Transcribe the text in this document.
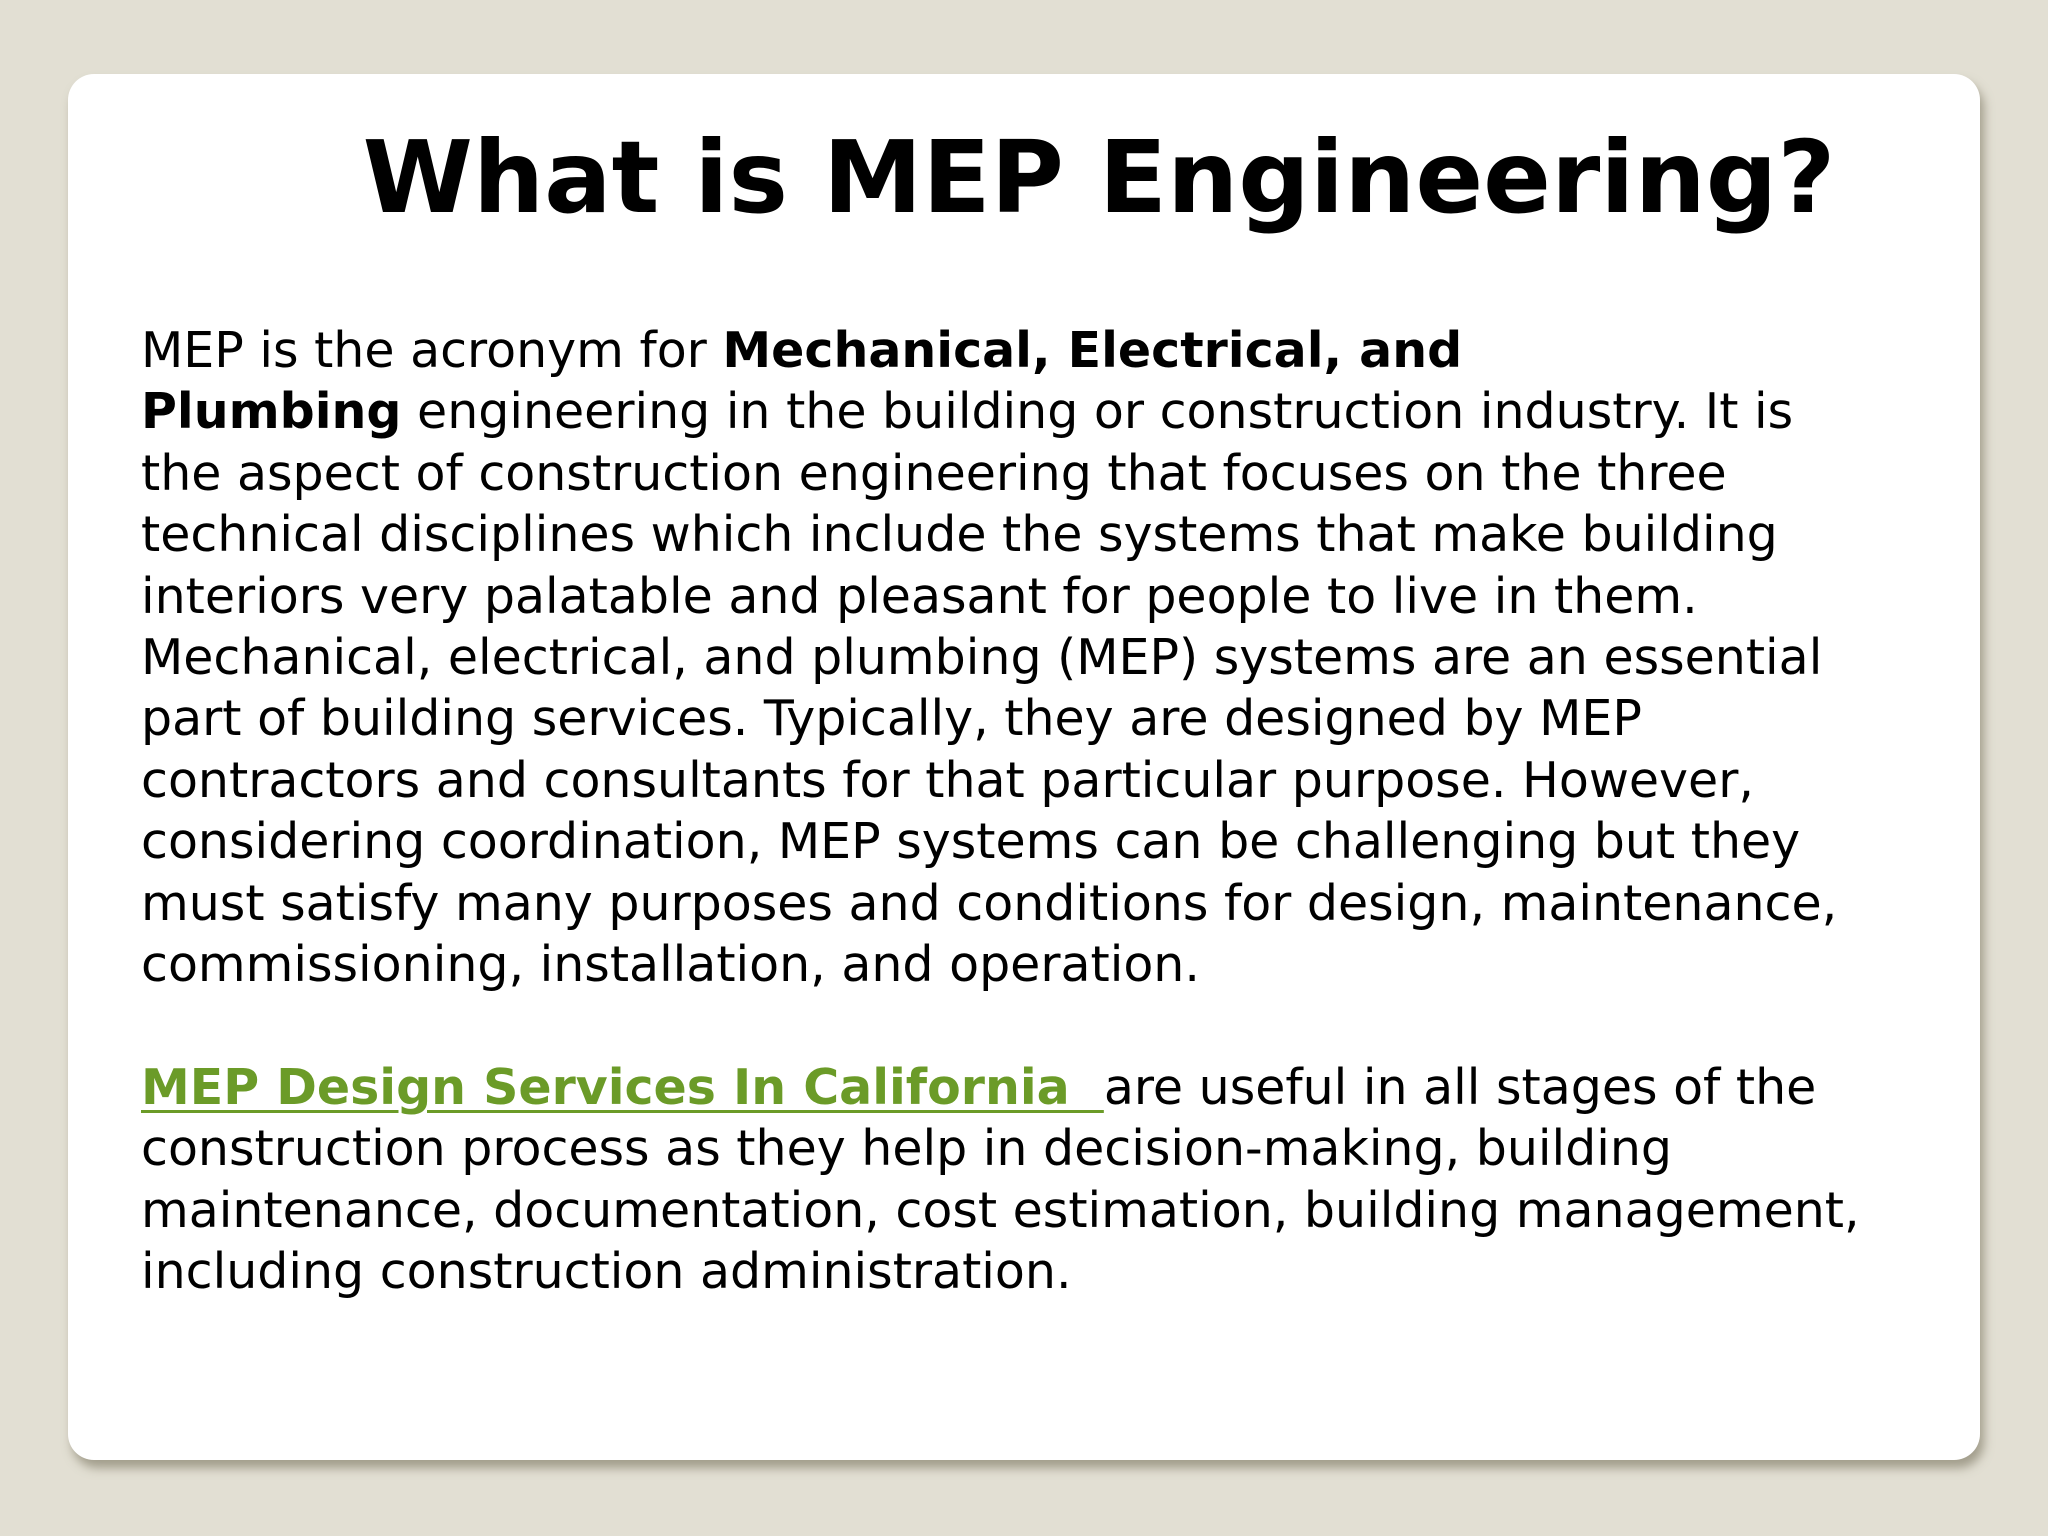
What is MEP Engineering?

MEP is the acronym for Mechanical, Electrical, and
Plumbing engineering in the building or construction industry. It is
the aspect of construction engineering that focuses on the three
technical disciplines which include the systems that make building
interiors very palatable and pleasant for people to live in them.
Mechanical, electrical, and plumbing (MEP) systems are an essential
part of building services. Typically, they are designed by MEP
contractors and consultants for that particular purpose. However,
considering coordination, MEP systems can be challenging but they
must satisfy many purposes and conditions for design, maintenance,
commissioning, installation, and operation.

MEP Design Services In California  are useful in all stages of the
construction process as they help in decision-making, building
maintenance, documentation, cost estimation, building management,
including construction administration.
